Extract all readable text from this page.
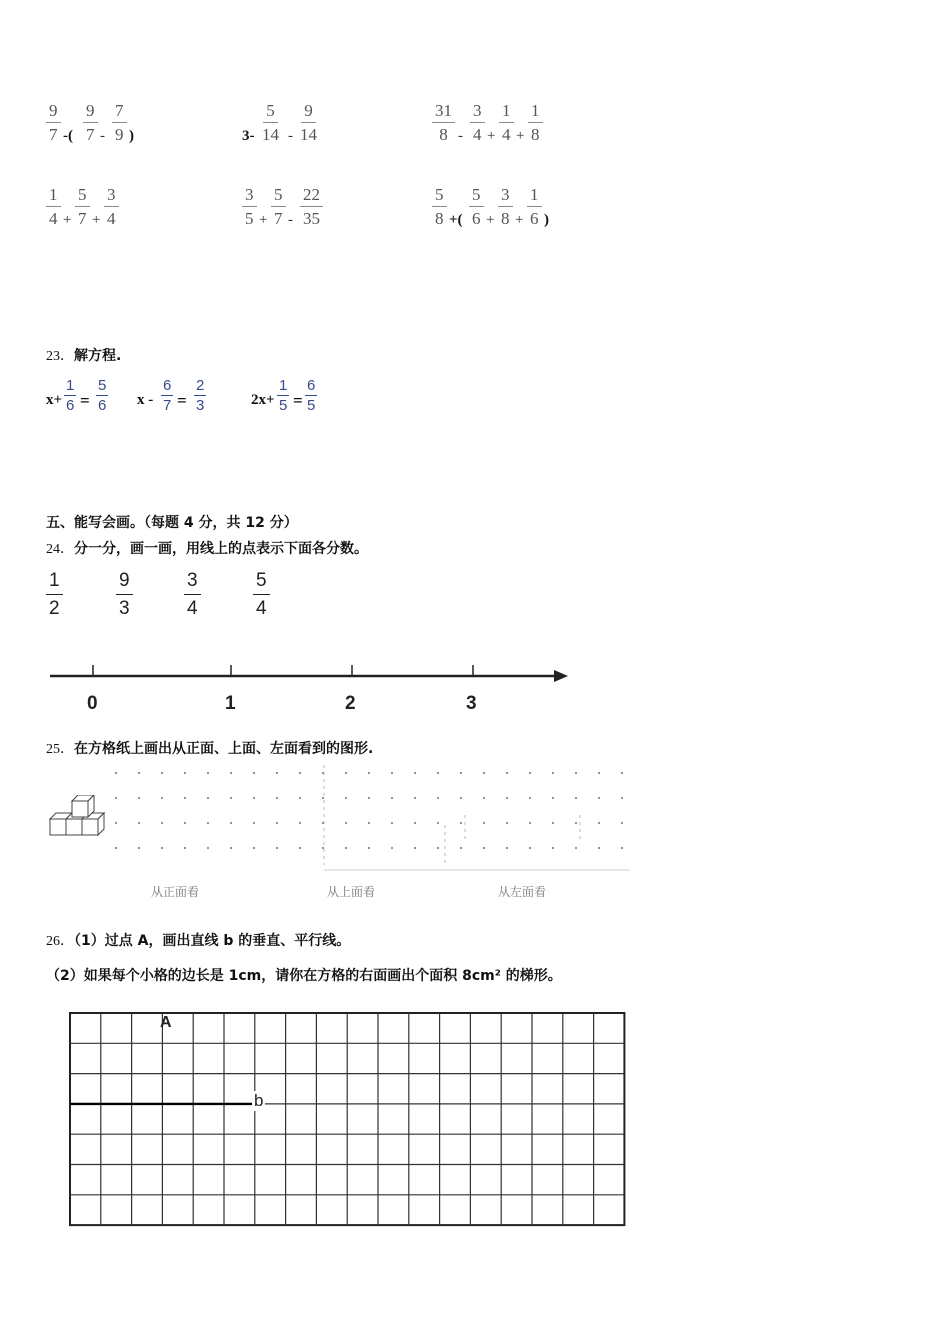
$\frac{9}{7}$ -( $\frac{9}{7} - \frac{7}{9}$ )	$3- \frac{5}{14} - \frac{9}{14}$	$\frac{31}{8} - \frac{3}{4} + \frac{1}{4} + \frac{1}{8}$
$\frac{1}{4} + \frac{5}{7} + \frac{3}{4}$	$\frac{3}{5} + \frac{5}{7} - \frac{22}{35}$	$\frac{5}{8}$ +( $\frac{5}{6} + \frac{3}{8} + \frac{1}{6}$ )
23．解方程.
$x+ \frac{1}{6} = \frac{5}{6}$ $x - \frac{6}{7} = \frac{2}{3}$	$2x+ \frac{1}{5} = \frac{6}{5}$
五、能写会画。（每题 4 分，共 12 分）
24．分一分，画一画，用线上的点表示下面各分数。
$\frac{1}{2}$	$\frac{9}{3}$	$\frac{3}{4}$	$\frac{5}{4}$
0	1	2	3
25．在方格纸上画出从正面、上面、左面看到的图形.
从正面看	从上面看	从左面看
26．（1）过点 A，画出直线 b 的垂直、平行线。
（2）如果每个小格的边长是 1cm，请你在方格的右面画出个面积 8cm² 的梯形。
A
b
